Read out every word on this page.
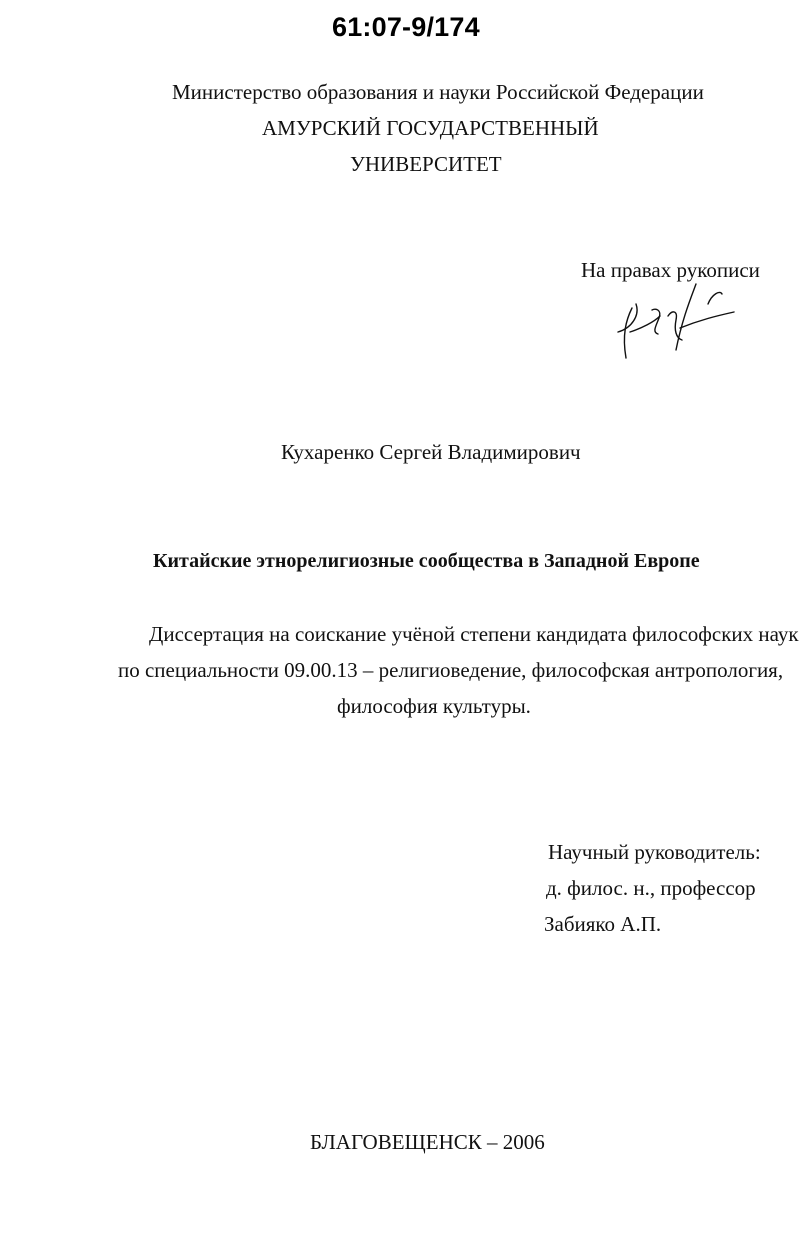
61:07-9/174
Министерство образования и науки Российской Федерации
АМУРСКИЙ ГОСУДАРСТВЕННЫЙ
УНИВЕРСИТЕТ
На правах рукописи
Кухаренко Сергей Владимирович
Китайские этнорелигиозные сообщества в Западной Европе
Диссертация на соискание учёной степени кандидата философских наук
по специальности 09.00.13 – религиоведение, философская антропология,
философия культуры.
Научный руководитель:
д. филос. н., профессор
Забияко А.П.
БЛАГОВЕЩЕНСК – 2006
